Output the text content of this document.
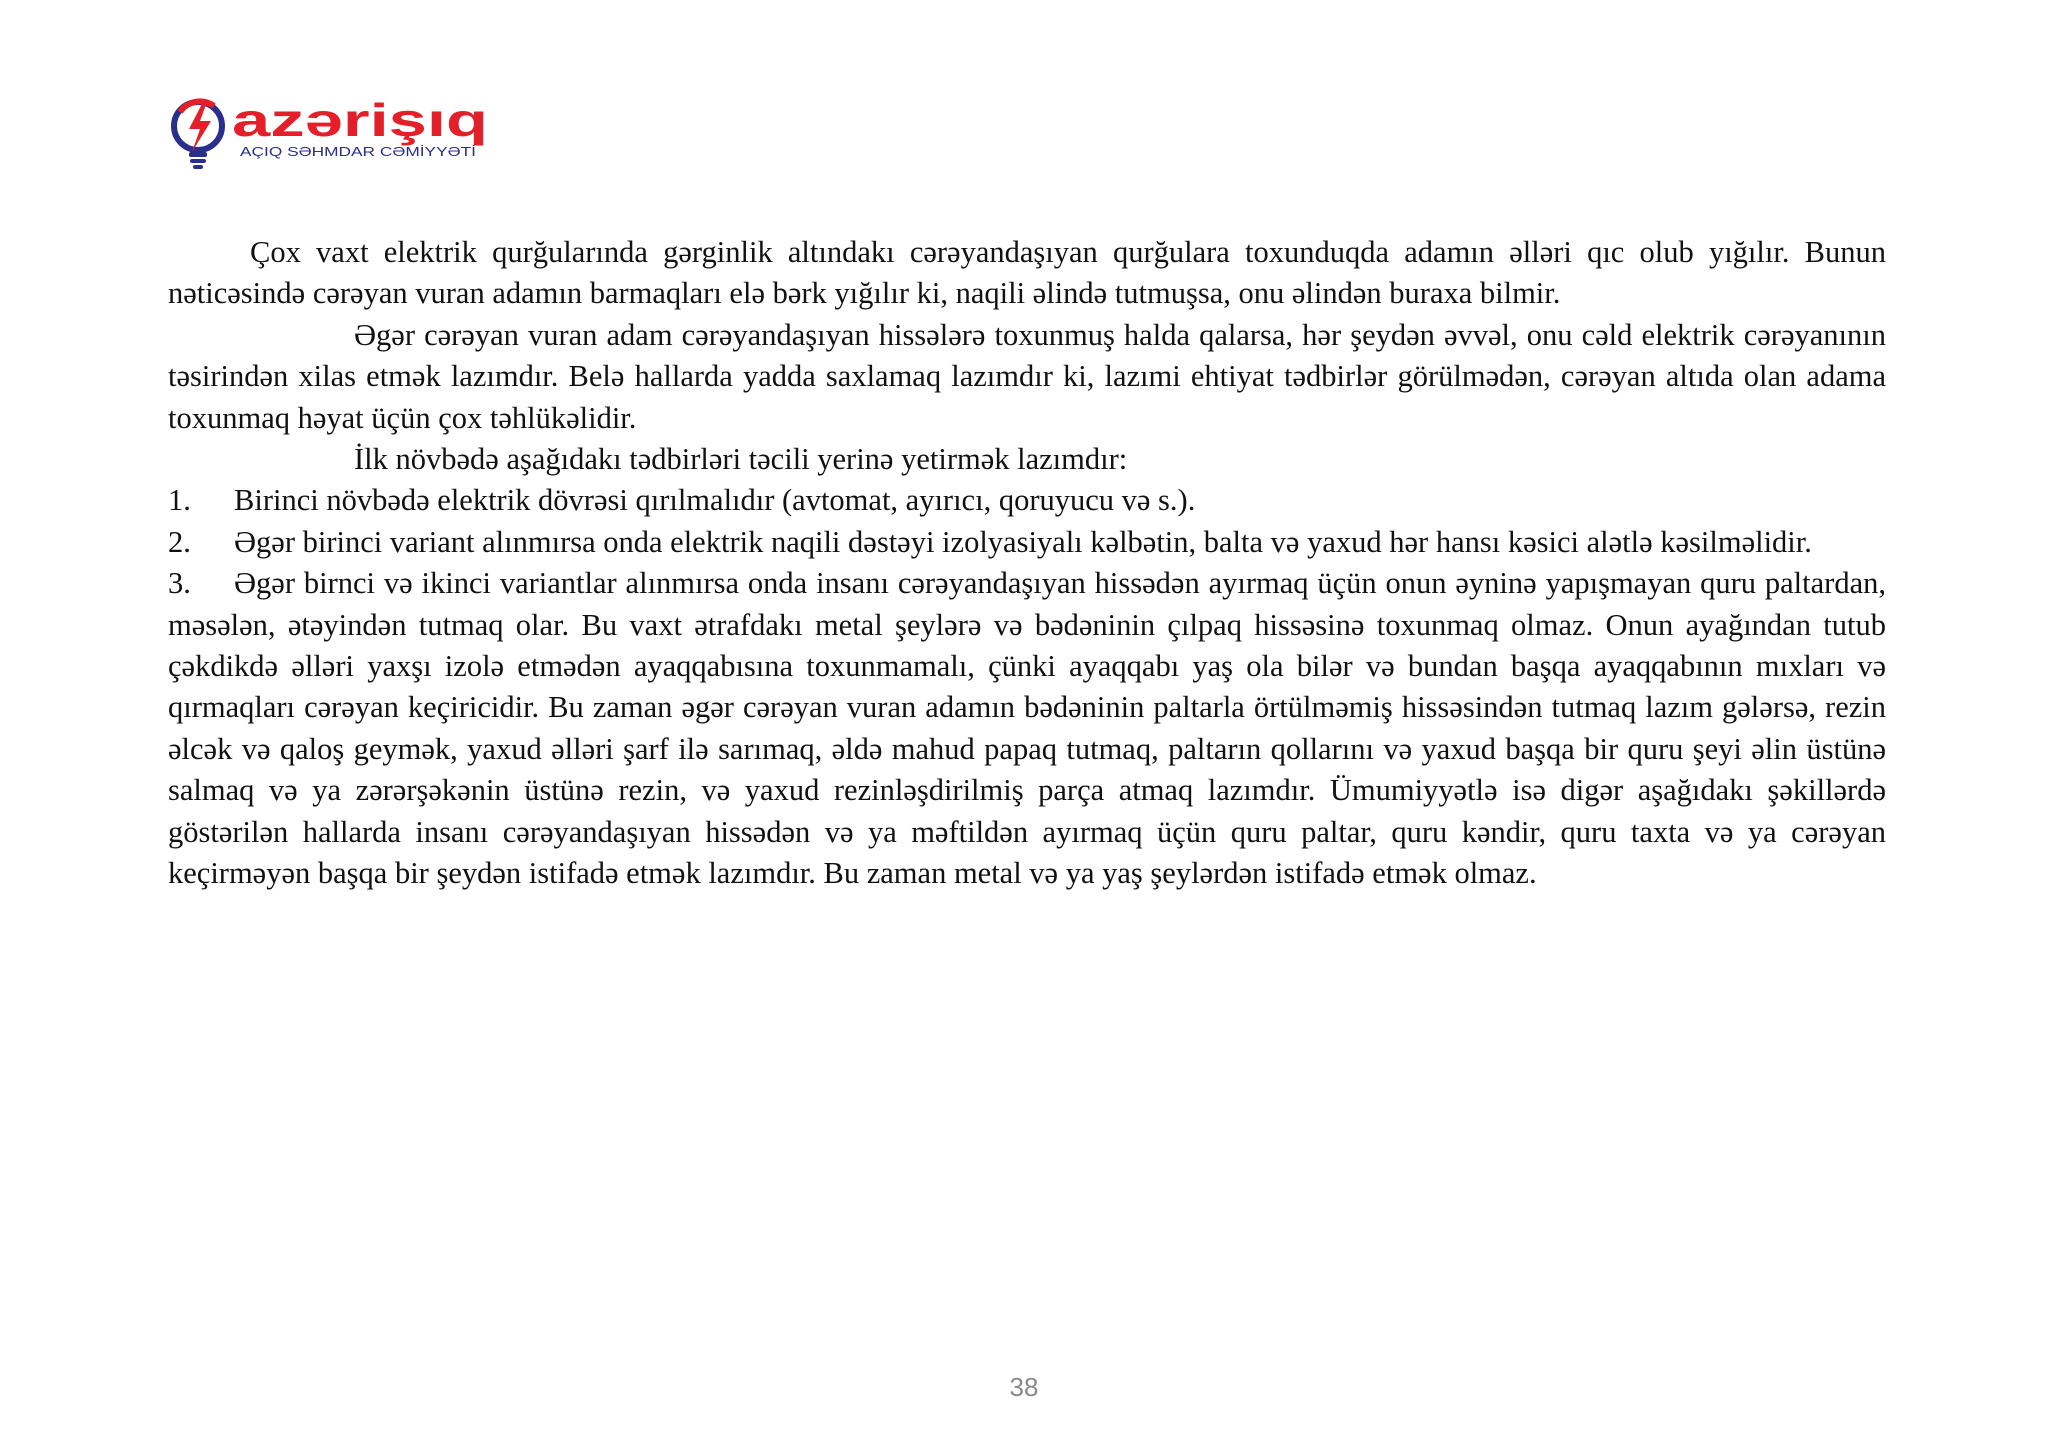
azərişıq
AÇIQ SƏHMDAR CƏMİYYƏTİ

Çox vaxt elektrik qurğularında gərginlik altındakı cərəyandaşıyan qurğulara toxunduqda adamın əlləri qıc olub yığılır. Bunun nəticəsində cərəyan vuran adamın barmaqları elə bərk yığılır ki, naqili əlində tutmuşsa, onu əlindən buraxa bilmir.

Əgər cərəyan vuran adam cərəyandaşıyan hissələrə toxunmuş halda qalarsa, hər şeydən əvvəl, onu cəld elektrik cərəyanının təsirindən xilas etmək lazımdır. Belə hallarda yadda saxlamaq lazımdır ki, lazımi ehtiyat tədbirlər görülmədən, cərəyan altıda olan adama toxunmaq həyat üçün çox təhlükəlidir.

İlk növbədə aşağıdakı tədbirləri təcili yerinə yetirmək lazımdır:

1.	Birinci növbədə elektrik dövrəsi qırılmalıdır (avtomat, ayırıcı, qoruyucu və s.).
2.	Əgər birinci variant alınmırsa onda elektrik naqili dəstəyi izolyasiyalı kəlbətin, balta və yaxud hər hansı kəsici alətlə kəsilməlidir.

3. Əgər birnci və ikinci variantlar alınmırsa onda insanı cərəyandaşıyan hissədən ayırmaq üçün onun əyninə yapışmayan quru paltardan, məsələn, ətəyindən tutmaq olar. Bu vaxt ətrafdakı metal şeylərə və bədəninin çılpaq hissəsinə toxunmaq olmaz. Onun ayağından tutub çəkdikdə əlləri yaxşı izolə etmədən ayaqqabısına toxunmamalı, çünki ayaqqabı yaş ola bilər və bundan başqa ayaqqabının mıxları və qırmaqları cərəyan keçiricidir. Bu zaman əgər cərəyan vuran adamın bədəninin paltarla örtülməmiş hissəsindən tutmaq lazım gələrsə, rezin əlcək və qaloş geymək, yaxud əlləri şarf ilə sarımaq, əldə mahud papaq tutmaq, paltarın qollarını və yaxud başqa bir quru şeyi əlin üstünə salmaq və ya zərərşəkənin üstünə rezin, və yaxud rezinləşdirilmiş parça atmaq lazımdır. Ümumiyyətlə isə digər aşağıdakı şəkillərdə göstərilən hallarda insanı cərəyandaşıyan hissədən və ya məftildən ayırmaq üçün quru paltar, quru kəndir, quru taxta və ya cərəyan keçirməyən başqa bir şeydən istifadə etmək lazımdır. Bu zaman metal və ya yaş şeylərdən istifadə etmək olmaz.

38
